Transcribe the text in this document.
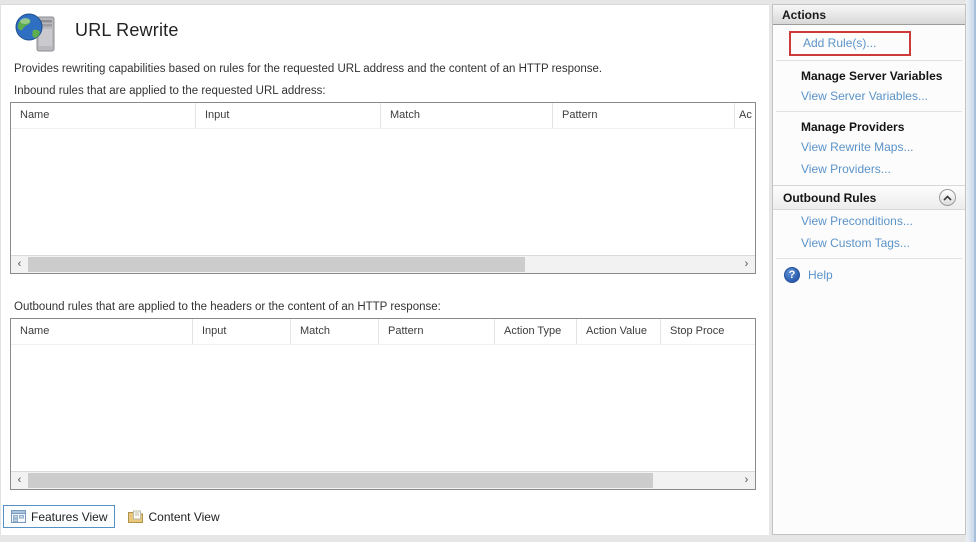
URL Rewrite
Provides rewriting capabilities based on rules for the requested URL address and the content of an HTTP response.
Inbound rules that are applied to the requested URL address:
Name	Input	Match	Pattern	Ac
‹	›
Outbound rules that are applied to the headers or the content of an HTTP response:
Name	Input	Match	Pattern	Action Type	Action Value	Stop Proce
‹	›
Features View	Content View
Actions
Add Rule(s)...
Manage Server Variables
View Server Variables...
Manage Providers
View Rewrite Maps...
View Providers...
Outbound Rules
View Preconditions...
View Custom Tags...
?	Help
